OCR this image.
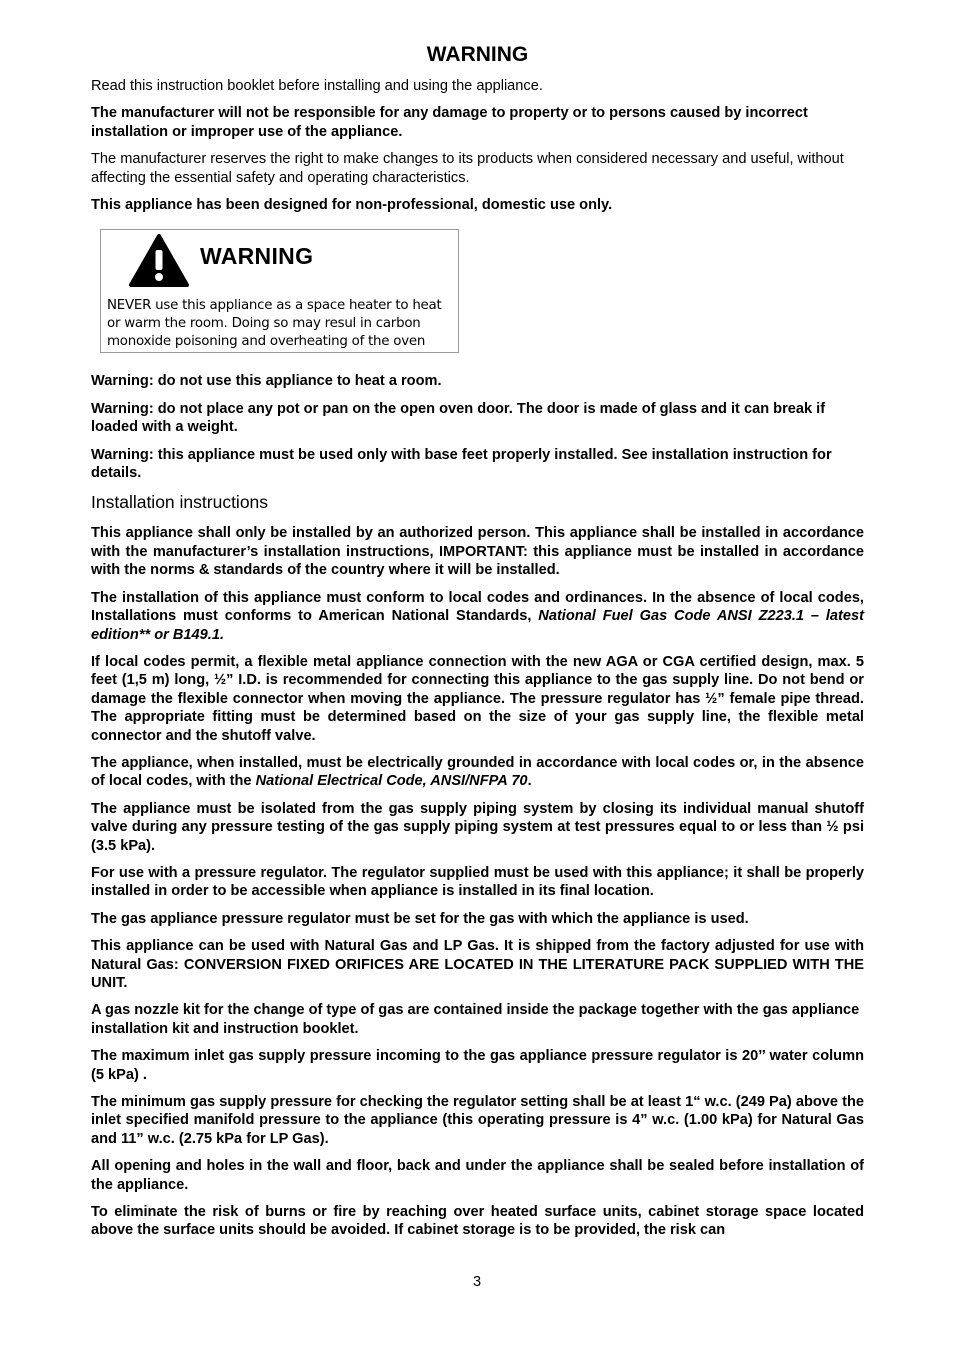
WARNING

Read this instruction booklet before installing and using the appliance.

The manufacturer will not be responsible for any damage to property or to persons caused by incorrect installation or improper use of the appliance.

The manufacturer reserves the right to make changes to its products when considered necessary and useful, without affecting the essential safety and operating characteristics.

This appliance has been designed for non-professional, domestic use only.

WARNING
NEVER use this appliance as a space heater to heat
or warm the room. Doing so may resul in carbon
monoxide poisoning and overheating of the oven

Warning: do not use this appliance to heat a room.

Warning: do not place any pot or pan on the open oven door. The door is made of glass and it can break if loaded with a weight.

Warning: this appliance must be used only with base feet properly installed. See installation instruction for details.

Installation instructions

This appliance shall only be installed by an authorized person. This appliance shall be installed in accordance with the manufacturer’s installation instructions, IMPORTANT: this appliance must be installed in accordance with the norms & standards of the country where it will be installed.

The installation of this appliance must conform to local codes and ordinances. In the absence of local codes, Installations must conforms to American National Standards, National Fuel Gas Code ANSI Z223.1 – latest edition** or B149.1.

If local codes permit, a flexible metal appliance connection with the new AGA or CGA certified design, max. 5 feet (1,5 m) long, ½” I.D. is recommended for connecting this appliance to the gas supply line. Do not bend or damage the flexible connector when moving the appliance. The pressure regulator has ½” female pipe thread. The appropriate fitting must be determined based on the size of your gas supply line, the flexible metal connector and the shutoff valve.

The appliance, when installed, must be electrically grounded in accordance with local codes or, in the absence of local codes, with the National Electrical Code, ANSI/NFPA 70.

The appliance must be isolated from the gas supply piping system by closing its individual manual shutoff valve during any pressure testing of the gas supply piping system at test pressures equal to or less than ½ psi (3.5 kPa).

For use with a pressure regulator. The regulator supplied must be used with this appliance; it shall be properly installed in order to be accessible when appliance is installed in its final location.

The gas appliance pressure regulator must be set for the gas with which the appliance is used.

This appliance can be used with Natural Gas and LP Gas. It is shipped from the factory adjusted for use with Natural Gas: CONVERSION FIXED ORIFICES ARE LOCATED IN THE LITERATURE PACK SUPPLIED WITH THE UNIT.

A gas nozzle kit for the change of type of gas are contained inside the package together with the gas appliance installation kit and instruction booklet.

The maximum inlet gas supply pressure incoming to the gas appliance pressure regulator is 20’’ water column (5 kPa) .

The minimum gas supply pressure for checking the regulator setting shall be at least 1“ w.c. (249 Pa) above the inlet specified manifold pressure to the appliance (this operating pressure is 4” w.c. (1.00 kPa) for Natural Gas and 11” w.c. (2.75 kPa for LP Gas).

All opening and holes in the wall and floor, back and under the appliance shall be sealed before installation of the appliance.

To eliminate the risk of burns or fire by reaching over heated surface units, cabinet storage space located above the surface units should be avoided. If cabinet storage is to be provided, the risk can

3
